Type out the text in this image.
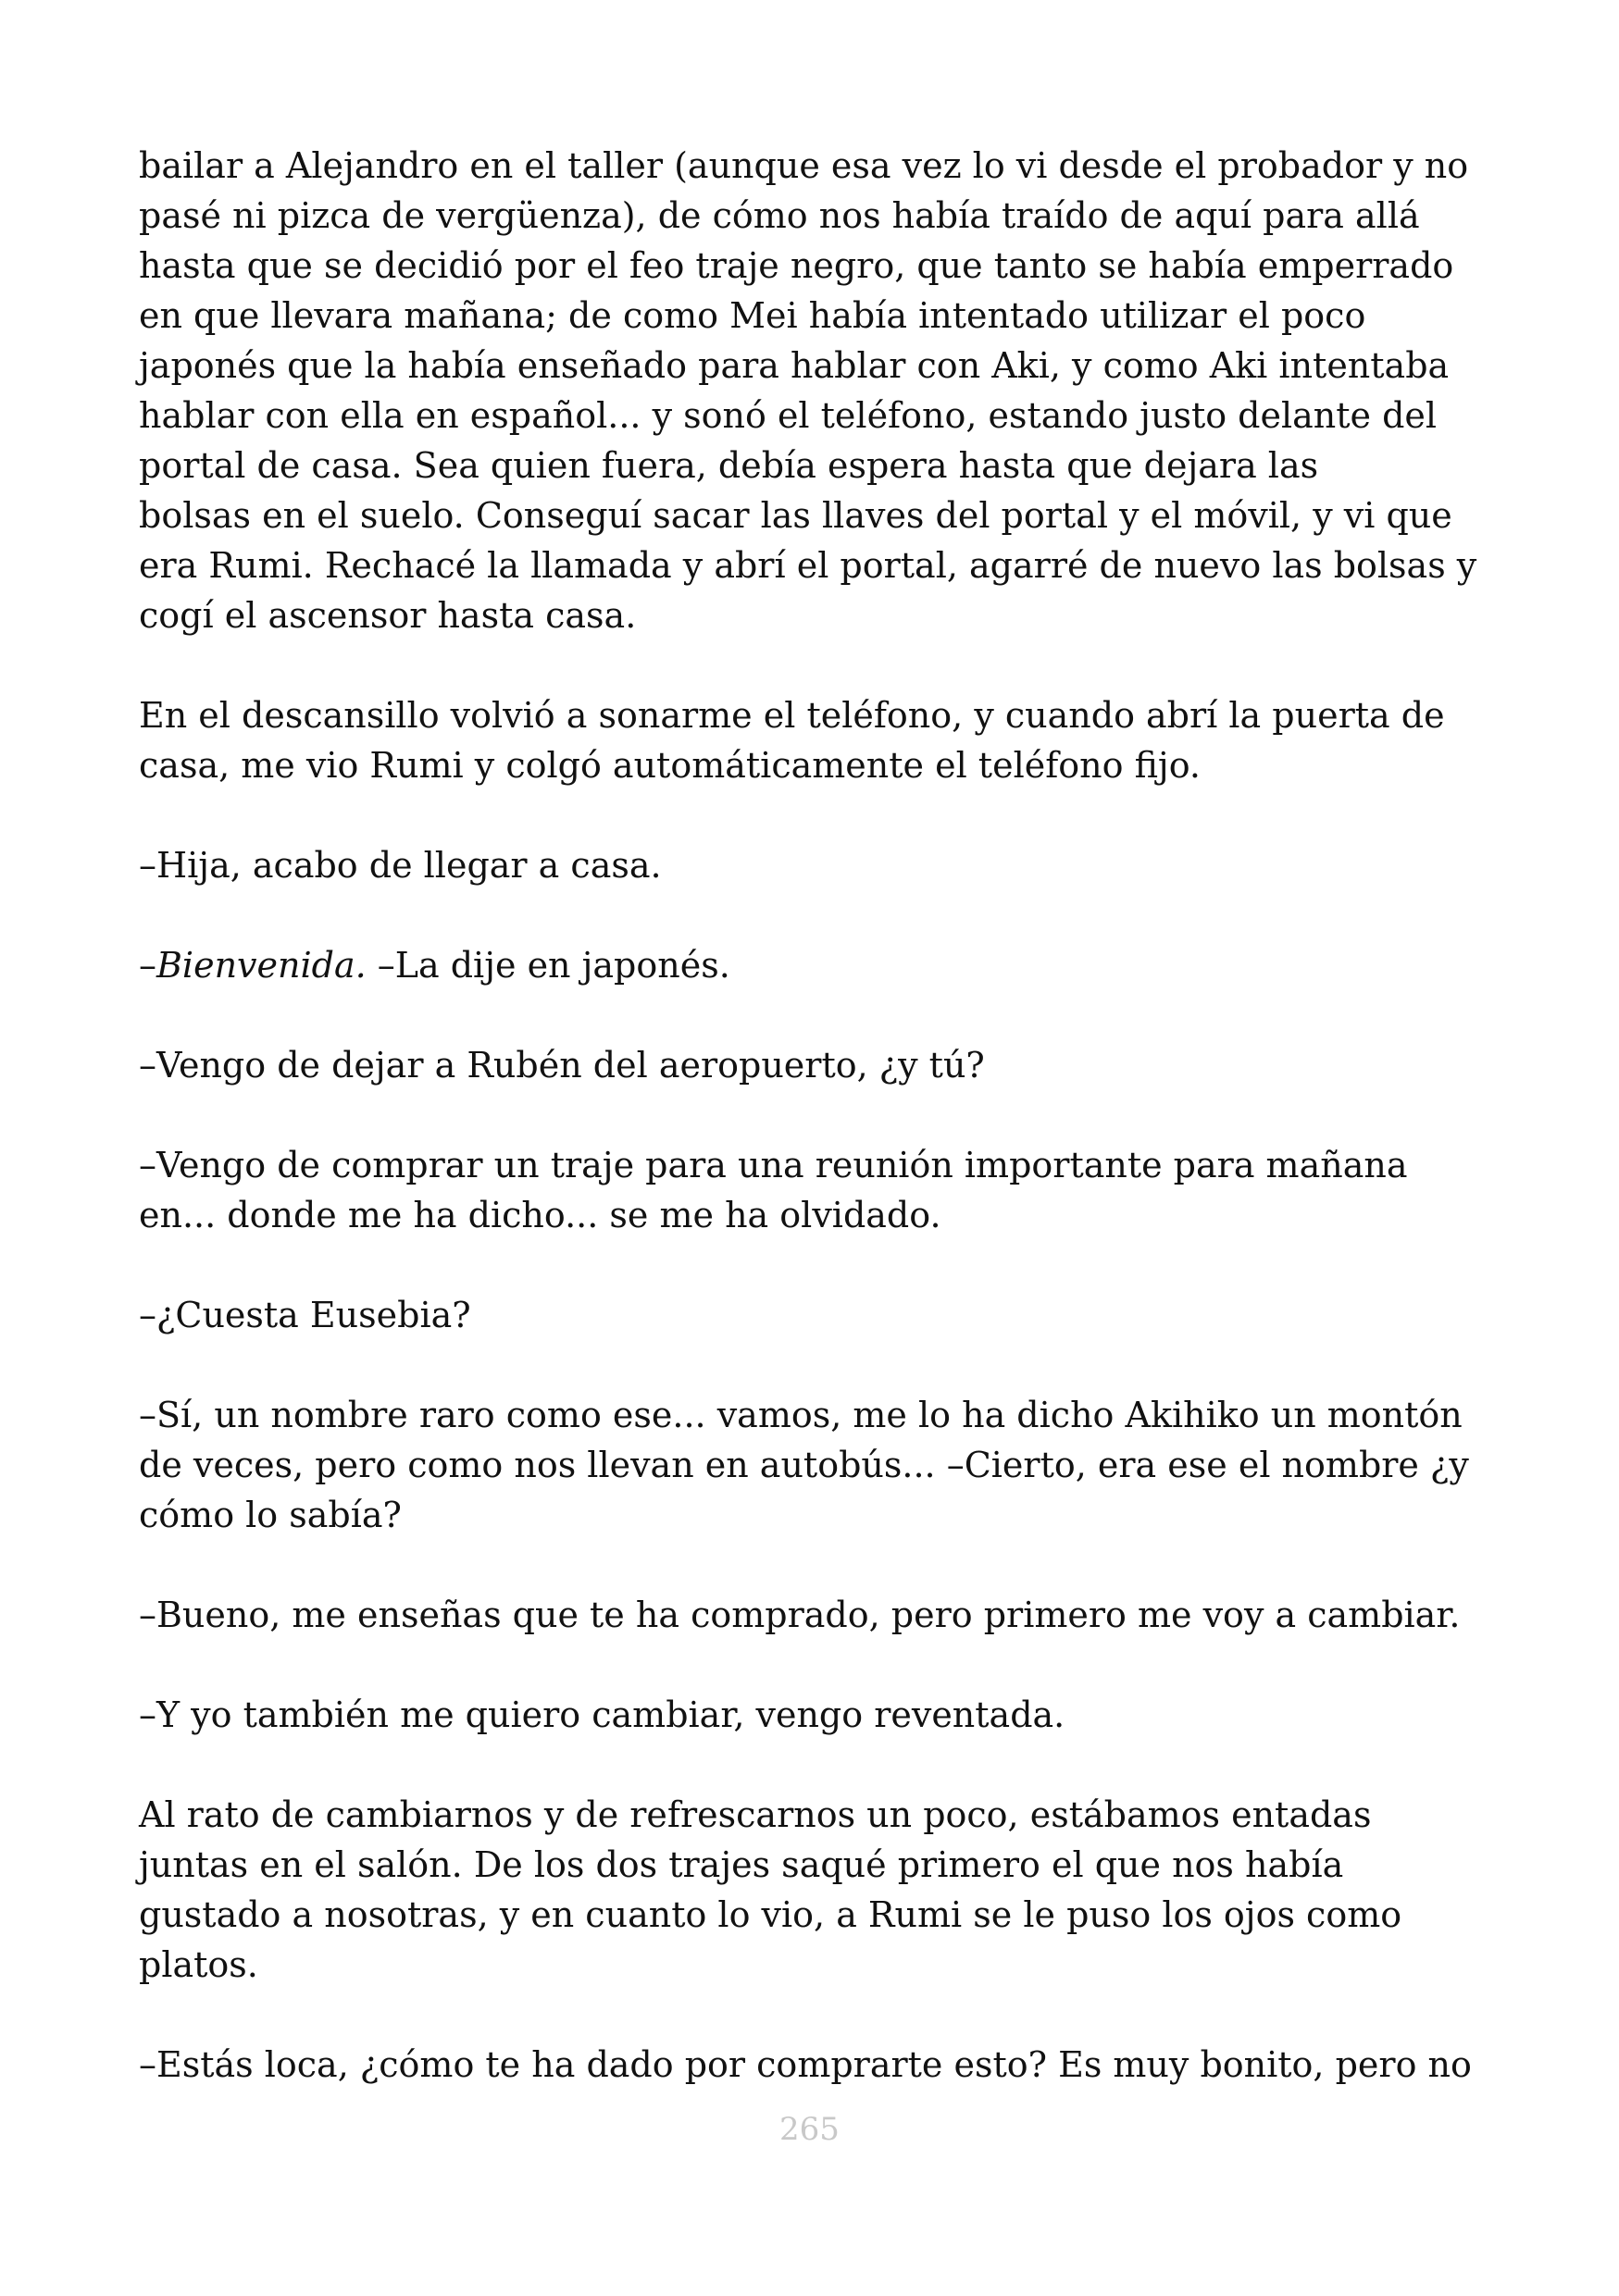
bailar a Alejandro en el taller (aunque esa vez lo vi desde el probador y no
pasé ni pizca de vergüenza), de cómo nos había traído de aquí para allá
hasta que se decidió por el feo traje negro, que tanto se había emperrado
en que llevara mañana; de como Mei había intentado utilizar el poco
japonés que la había enseñado para hablar con Aki, y como Aki intentaba
hablar con ella en español... y sonó el teléfono, estando justo delante del
portal de casa. Sea quien fuera, debía espera hasta que dejara las
bolsas en el suelo. Conseguí sacar las llaves del portal y el móvil, y vi que
era Rumi. Rechacé la llamada y abrí el portal, agarré de nuevo las bolsas y
cogí el ascensor hasta casa.

En el descansillo volvió a sonarme el teléfono, y cuando abrí la puerta de
casa, me vio Rumi y colgó automáticamente el teléfono fijo.

–Hija, acabo de llegar a casa.

–Bienvenida. –La dije en japonés.

–Vengo de dejar a Rubén del aeropuerto, ¿y tú?

–Vengo de comprar un traje para una reunión importante para mañana
en... donde me ha dicho... se me ha olvidado.

–¿Cuesta Eusebia?

–Sí, un nombre raro como ese... vamos, me lo ha dicho Akihiko un montón
de veces, pero como nos llevan en autobús... –Cierto, era ese el nombre ¿y
cómo lo sabía?

–Bueno, me enseñas que te ha comprado, pero primero me voy a cambiar.

–Y yo también me quiero cambiar, vengo reventada.

Al rato de cambiarnos y de refrescarnos un poco, estábamos entadas
juntas en el salón. De los dos trajes saqué primero el que nos había
gustado a nosotras, y en cuanto lo vio, a Rumi se le puso los ojos como
platos.

–Estás loca, ¿cómo te ha dado por comprarte esto? Es muy bonito, pero no

265
